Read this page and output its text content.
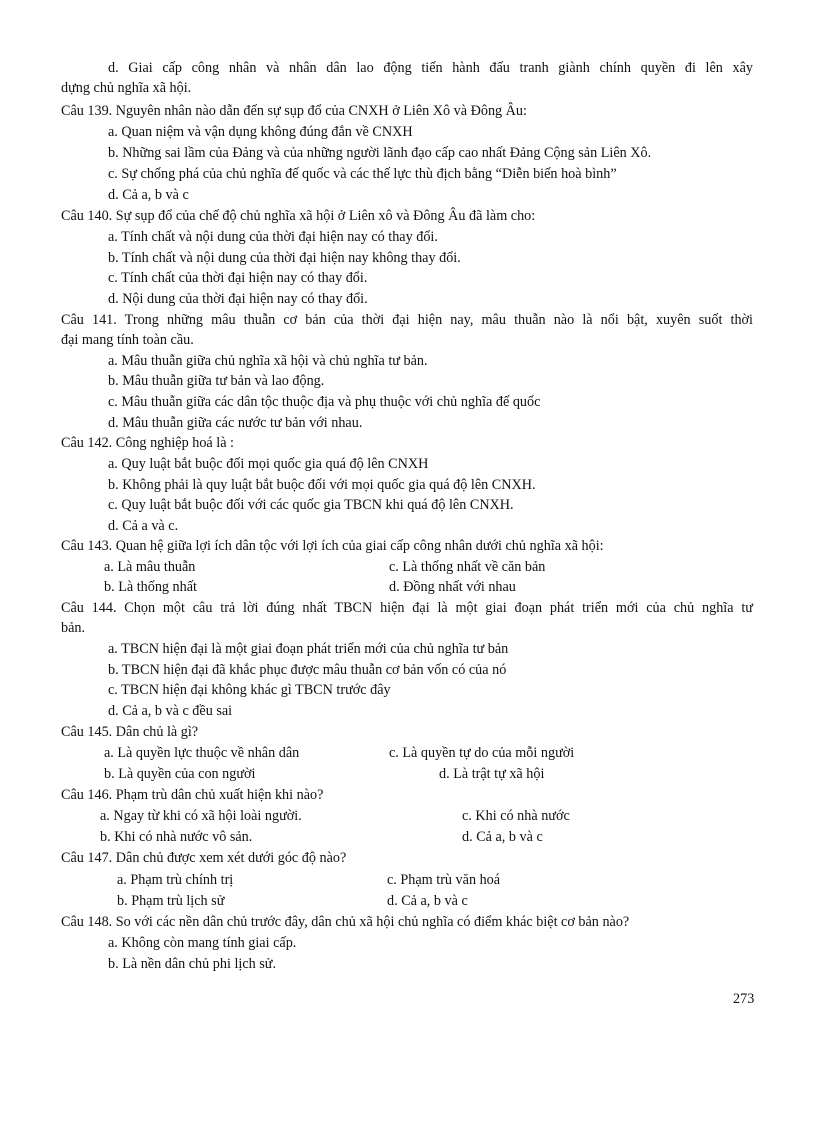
d. Giai cấp công nhân và nhân dân lao động tiến hành đấu tranh giành chính quyền đi lên xây
dựng chủ nghĩa xã hội.
Câu 139. Nguyên nhân nào dẫn đến sự sụp đổ của CNXH ở Liên Xô và Đông Âu:
a. Quan niệm và vận dụng không đúng đắn về CNXH
b. Những sai lầm của Đảng và của những người lãnh đạo cấp cao nhất Đảng Cộng sản Liên Xô.
c. Sự chống phá của chủ nghĩa đế quốc và các thế lực thù địch bằng “Diễn biến hoà bình”
d. Cả a, b và c
Câu 140. Sự sụp đổ của chế độ chủ nghĩa xã hội ở Liên xô và Đông Âu đã làm cho:
a. Tính chất và nội dung của thời đại hiện nay có thay đổi.
b. Tính chất và nội dung của thời đại hiện nay không thay đổi.
c. Tính chất của thời đại hiện nay có thay đổi.
d. Nội dung của thời đại hiện nay có thay đổi.
Câu 141. Trong những mâu thuẫn cơ bản của thời đại hiện nay, mâu thuẫn nào là nổi bật, xuyên suốt thời
đại mang tính toàn cầu.
a. Mâu thuẫn giữa chủ nghĩa xã hội và chủ nghĩa tư bản.
b. Mâu thuẫn giữa tư bản và lao động.
c. Mâu thuẫn giữa các dân tộc thuộc địa và phụ thuộc với chủ nghĩa đế quốc
d. Mâu thuẫn giữa các nước tư bản với nhau.
Câu 142. Công nghiệp hoá là :
a. Quy luật bắt buộc đối mọi quốc gia quá độ lên CNXH
b. Không phải là quy luật bắt buộc đối với mọi quốc gia quá độ lên CNXH.
c. Quy luật bắt buộc đối với các quốc gia TBCN khi quá độ lên CNXH.
d. Cả a và c.
Câu 143. Quan hệ giữa lợi ích dân tộc với lợi ích của giai cấp công nhân dưới chủ nghĩa xã hội:
a. Là mâu thuẫn	c. Là thống nhất về căn bản
b. Là thống nhất	d. Đồng nhất với nhau
Câu 144. Chọn một câu trả lời đúng nhất TBCN hiện đại là một giai đoạn phát triển mới của chủ nghĩa tư
bản.
a. TBCN hiện đại là một giai đoạn phát triển mới của chủ nghĩa tư bản
b. TBCN hiện đại đã khắc phục được mâu thuẫn cơ bản vốn có của nó
c. TBCN hiện đại không khác gì TBCN trước đây
d. Cả a, b và c đều sai
Câu 145. Dân chủ là gì?
a. Là quyền lực thuộc về nhân dân	c. Là quyền tự do của mỗi người
b. Là quyền của con người	d. Là trật tự xã hội
Câu 146. Phạm trù dân chủ xuất hiện khi nào?
a. Ngay từ khi có xã hội loài người.	c. Khi có nhà nước
b. Khi có nhà nước vô sản.	d. Cả a, b và c
Câu 147. Dân chủ được xem xét dưới góc độ nào?
a. Phạm trù chính trị	c. Phạm trù văn hoá
b. Phạm trù lịch sử	d. Cả a, b và c
Câu 148. So với các nền dân chủ trước đây, dân chủ xã hội chủ nghĩa có điểm khác biệt cơ bản nào?
a. Không còn mang tính giai cấp.
b. Là nền dân chủ phi lịch sử.
273
